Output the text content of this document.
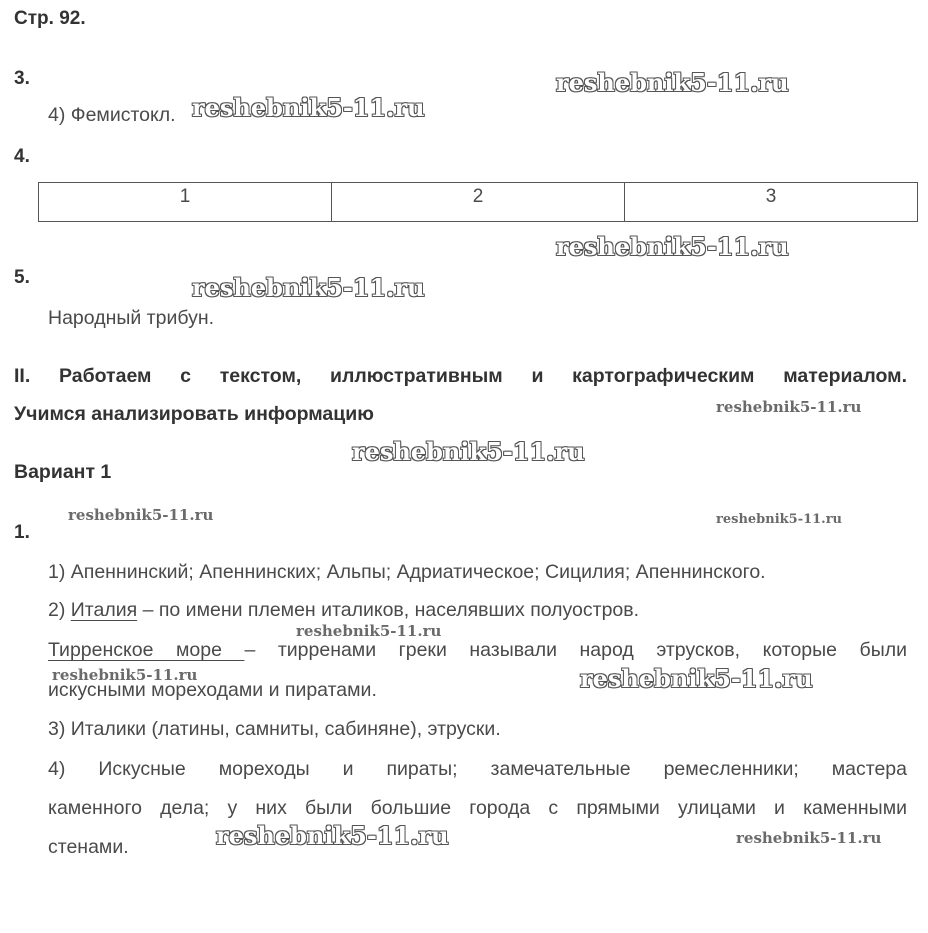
Стр. 92.
3.
4) Фемистокл.
4.
1	2	3
5.
Народный трибун.
II. Работаем с текстом, иллюстративным и картографическим материалом.
Учимся анализировать информацию
Вариант 1
1.
1) Апеннинский; Апеннинских; Альпы; Адриатическое; Сицилия; Апеннинского.
2) Италия – по имени племен италиков, населявших полуостров.
Тирренское море – тирренами греки называли народ этрусков, которые были
искусными мореходами и пиратами.
3) Италики (латины, самниты, сабиняне), этруски.
4) Искусные мореходы и пираты; замечательные ремесленники; мастера
каменного дела; у них были большие города с прямыми улицами и каменными
стенами.
reshebnik5-11.ru
reshebnik5-11.ru
reshebnik5-11.ru
reshebnik5-11.ru
reshebnik5-11.ru
reshebnik5-11.ru
reshebnik5-11.ru	reshebnik5-11.ru
reshebnik5-11.ru
reshebnik5-11.ru	reshebnik5-11.ru
reshebnik5-11.ru	reshebnik5-11.ru
